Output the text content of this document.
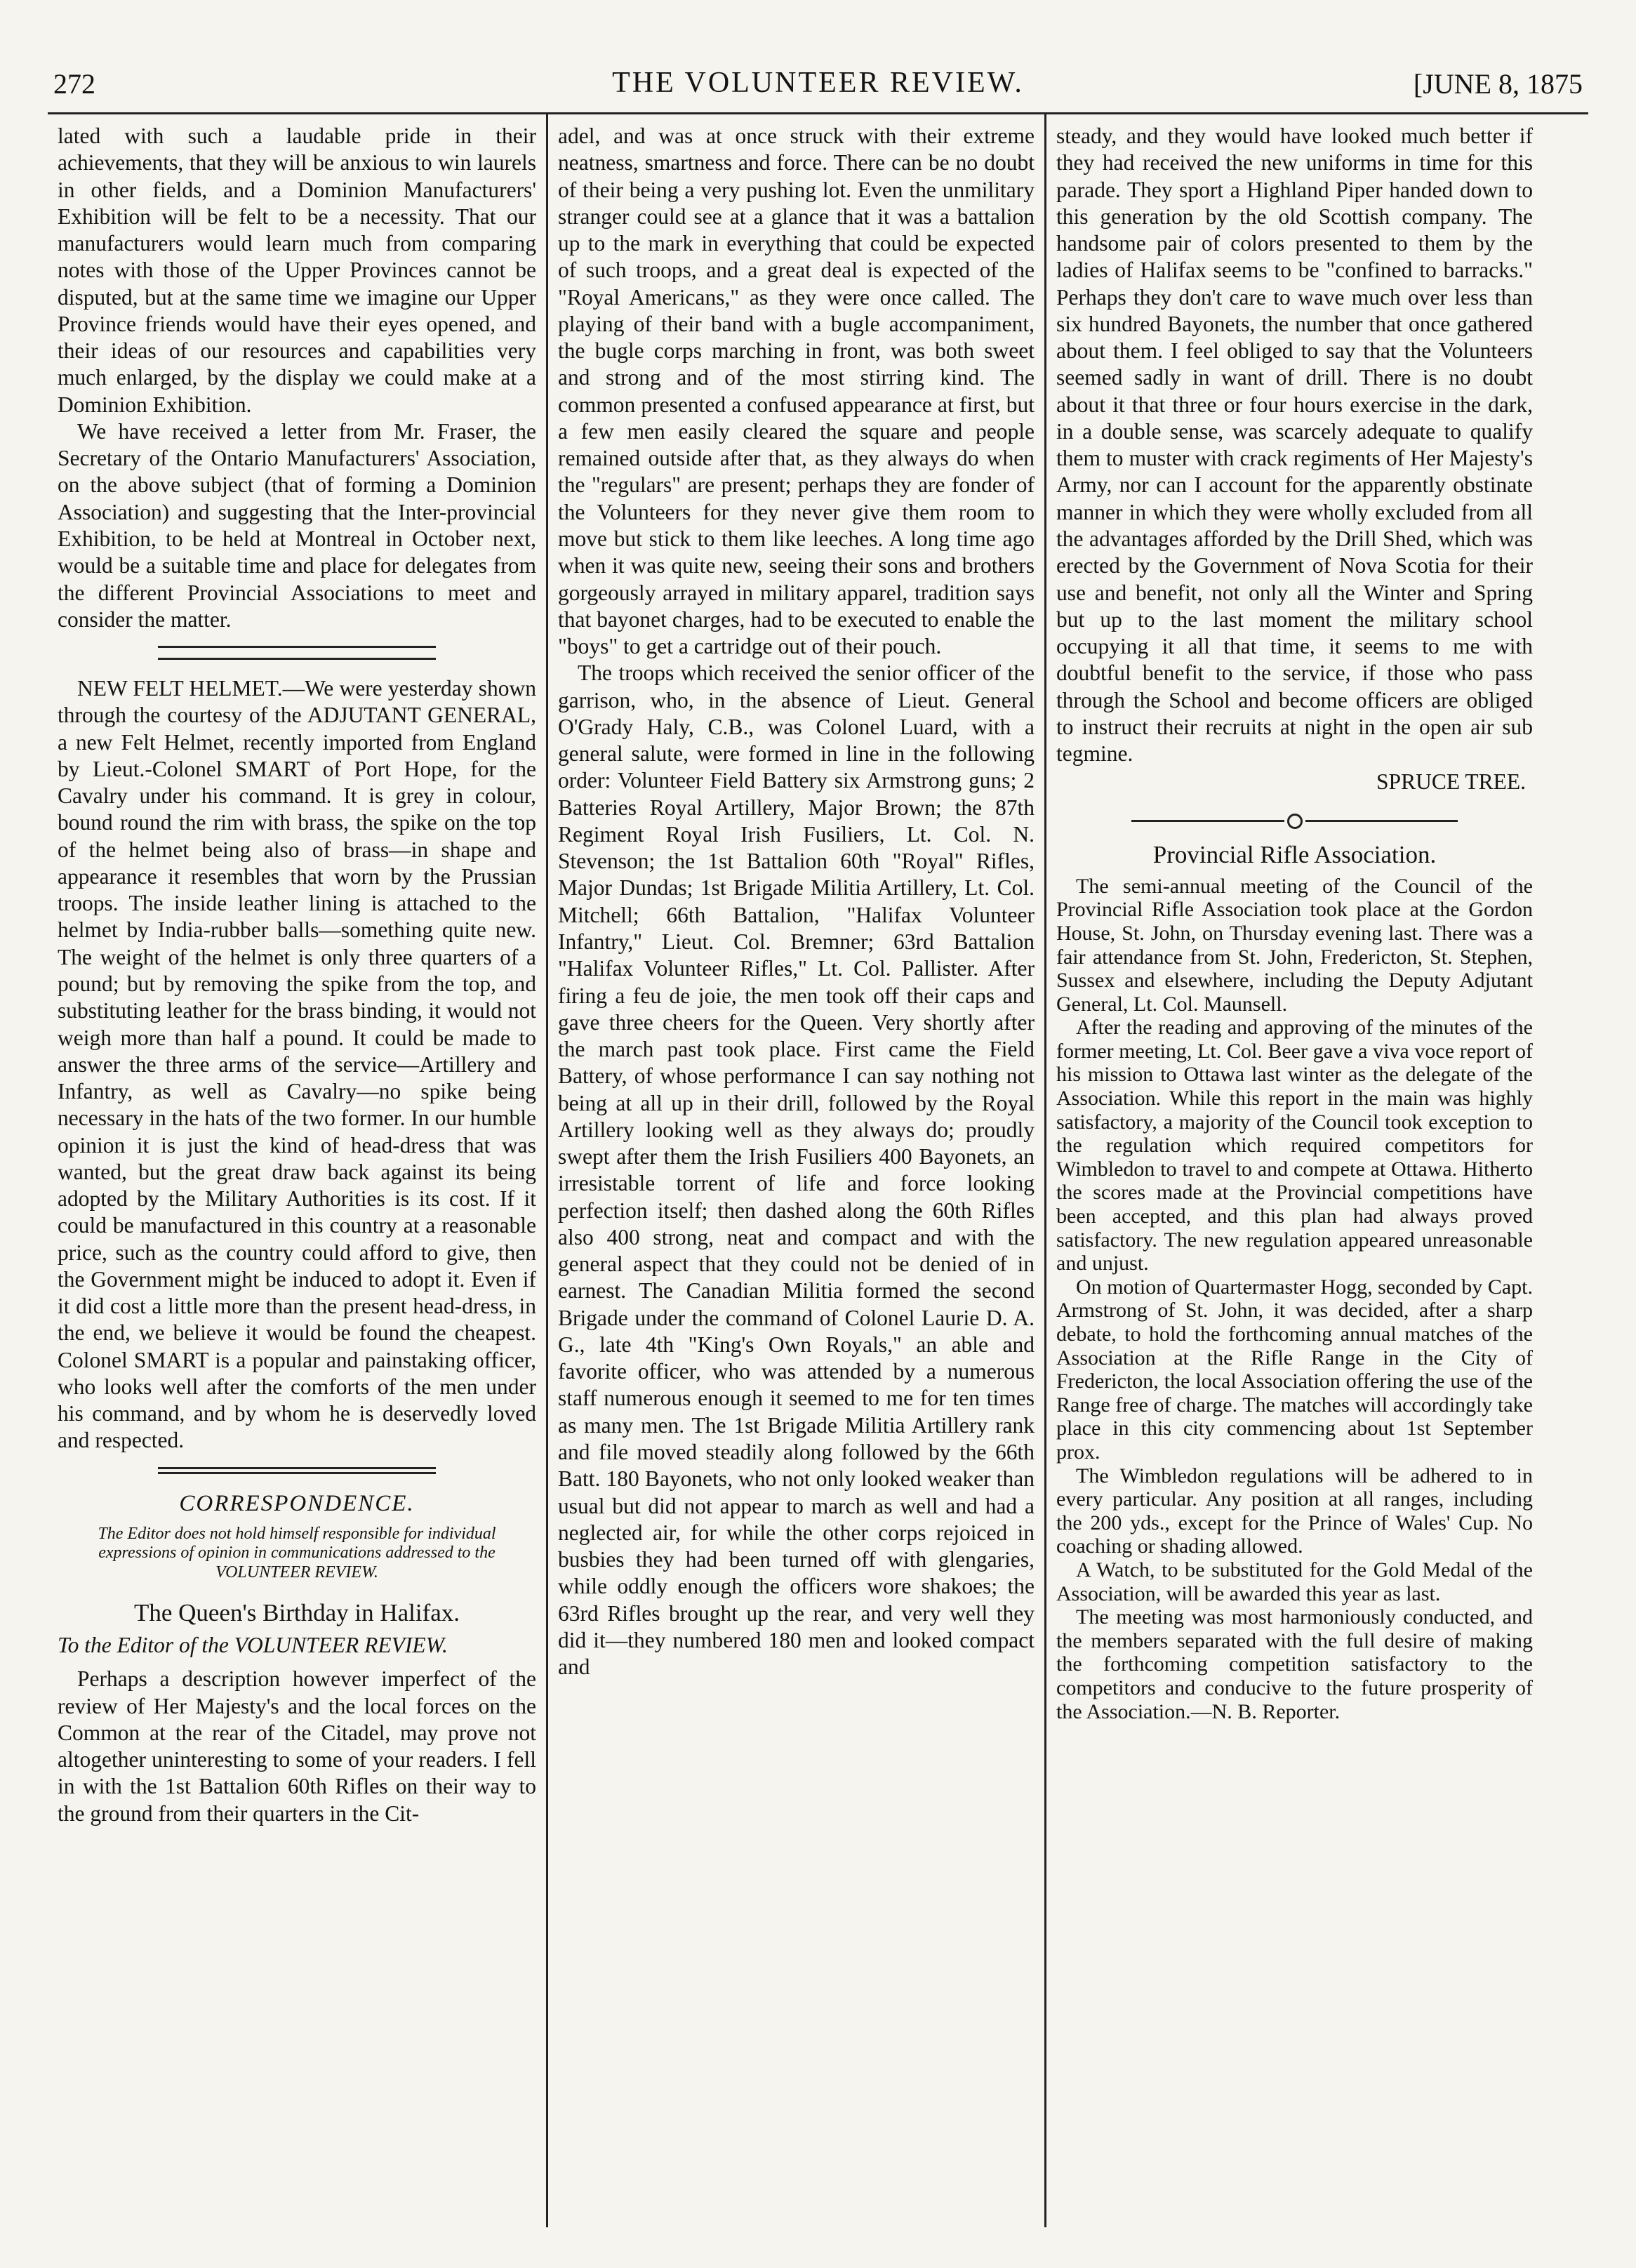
272	THE VOLUNTEER REVIEW.	[JUNE 8, 1875

lated with such a laudable pride in their achievements, that they will be anxious to win laurels in other fields, and a Dominion Manufacturers' Exhibition will be felt to be a necessity. That our manufacturers would learn much from comparing notes with those of the Upper Provinces cannot be disputed, but at the same time we imagine our Upper Province friends would have their eyes opened, and their ideas of our resources and capabilities very much enlarged, by the display we could make at a Dominion Exhibition.

We have received a letter from Mr. Fraser, the Secretary of the Ontario Manufacturers' Association, on the above subject (that of forming a Dominion Association) and suggesting that the Inter-provincial Exhibition, to be held at Montreal in October next, would be a suitable time and place for delegates from the different Provincial Associations to meet and consider the matter.

NEW FELT HELMET.—We were yesterday shown through the courtesy of the ADJUTANT GENERAL, a new Felt Helmet, recently imported from England by Lieut.-Colonel SMART of Port Hope, for the Cavalry under his command. It is grey in colour, bound round the rim with brass, the spike on the top of the helmet being also of brass—in shape and appearance it resembles that worn by the Prussian troops. The inside leather lining is attached to the helmet by India-rubber balls—something quite new. The weight of the helmet is only three quarters of a pound; but by removing the spike from the top, and substituting leather for the brass binding, it would not weigh more than half a pound. It could be made to answer the three arms of the service—Artillery and Infantry, as well as Cavalry—no spike being necessary in the hats of the two former. In our humble opinion it is just the kind of head-dress that was wanted, but the great draw back against its being adopted by the Military Authorities is its cost. If it could be manufactured in this country at a reasonable price, such as the country could afford to give, then the Government might be induced to adopt it. Even if it did cost a little more than the present head-dress, in the end, we believe it would be found the cheapest. Colonel SMART is a popular and painstaking officer, who looks well after the comforts of the men under his command, and by whom he is deservedly loved and respected.

CORRESPONDENCE.
The Editor does not hold himself responsible for individual expressions of opinion in communications addressed to the VOLUNTEER REVIEW.
The Queen's Birthday in Halifax.
To the Editor of the VOLUNTEER REVIEW.

Perhaps a description however imperfect of the review of Her Majesty's and the local forces on the Common at the rear of the Citadel, may prove not altogether uninteresting to some of your readers. I fell in with the 1st Battalion 60th Rifles on their way to the ground from their quarters in the Cit-

adel, and was at once struck with their extreme neatness, smartness and force. There can be no doubt of their being a very pushing lot. Even the unmilitary stranger could see at a glance that it was a battalion up to the mark in everything that could be expected of such troops, and a great deal is expected of the "Royal Americans," as they were once called. The playing of their band with a bugle accompaniment, the bugle corps marching in front, was both sweet and strong and of the most stirring kind. The common presented a confused appearance at first, but a few men easily cleared the square and people remained outside after that, as they always do when the "regulars" are present; perhaps they are fonder of the Volunteers for they never give them room to move but stick to them like leeches. A long time ago when it was quite new, seeing their sons and brothers gorgeously arrayed in military apparel, tradition says that bayonet charges, had to be executed to enable the "boys" to get a cartridge out of their pouch.

The troops which received the senior officer of the garrison, who, in the absence of Lieut. General O'Grady Haly, C.B., was Colonel Luard, with a general salute, were formed in line in the following order: Volunteer Field Battery six Armstrong guns; 2 Batteries Royal Artillery, Major Brown; the 87th Regiment Royal Irish Fusiliers, Lt. Col. N. Stevenson; the 1st Battalion 60th "Royal" Rifles, Major Dundas; 1st Brigade Militia Artillery, Lt. Col. Mitchell; 66th Battalion, "Halifax Volunteer Infantry," Lieut. Col. Bremner; 63rd Battalion "Halifax Volunteer Rifles," Lt. Col. Pallister. After firing a feu de joie, the men took off their caps and gave three cheers for the Queen. Very shortly after the march past took place. First came the Field Battery, of whose performance I can say nothing not being at all up in their drill, followed by the Royal Artillery looking well as they always do; proudly swept after them the Irish Fusiliers 400 Bayonets, an irresistable torrent of life and force looking perfection itself; then dashed along the 60th Rifles also 400 strong, neat and compact and with the general aspect that they could not be denied of in earnest. The Canadian Militia formed the second Brigade under the command of Colonel Laurie D. A. G., late 4th "King's Own Royals," an able and favorite officer, who was attended by a numerous staff numerous enough it seemed to me for ten times as many men. The 1st Brigade Militia Artillery rank and file moved steadily along followed by the 66th Batt. 180 Bayonets, who not only looked weaker than usual but did not appear to march as well and had a neglected air, for while the other corps rejoiced in busbies they had been turned off with glengaries, while oddly enough the officers wore shakoes; the 63rd Rifles brought up the rear, and very well they did it—they numbered 180 men and looked compact and

steady, and they would have looked much better if they had received the new uniforms in time for this parade. They sport a Highland Piper handed down to this generation by the old Scottish company. The handsome pair of colors presented to them by the ladies of Halifax seems to be "confined to barracks." Perhaps they don't care to wave much over less than six hundred Bayonets, the number that once gathered about them. I feel obliged to say that the Volunteers seemed sadly in want of drill. There is no doubt about it that three or four hours exercise in the dark, in a double sense, was scarcely adequate to qualify them to muster with crack regiments of Her Majesty's Army, nor can I account for the apparently obstinate manner in which they were wholly excluded from all the advantages afforded by the Drill Shed, which was erected by the Government of Nova Scotia for their use and benefit, not only all the Winter and Spring but up to the last moment the military school occupying it all that time, it seems to me with doubtful benefit to the service, if those who pass through the School and become officers are obliged to instruct their recruits at night in the open air sub tegmine.

SPRUCE TREE.
Provincial Rifle Association.

The semi-annual meeting of the Council of the Provincial Rifle Association took place at the Gordon House, St. John, on Thursday evening last. There was a fair attendance from St. John, Fredericton, St. Stephen, Sussex and elsewhere, including the Deputy Adjutant General, Lt. Col. Maunsell.

After the reading and approving of the minutes of the former meeting, Lt. Col. Beer gave a viva voce report of his mission to Ottawa last winter as the delegate of the Association. While this report in the main was highly satisfactory, a majority of the Council took exception to the regulation which required competitors for Wimbledon to travel to and compete at Ottawa. Hitherto the scores made at the Provincial competitions have been accepted, and this plan had always proved satisfactory. The new regulation appeared unreasonable and unjust.

On motion of Quartermaster Hogg, seconded by Capt. Armstrong of St. John, it was decided, after a sharp debate, to hold the forthcoming annual matches of the Association at the Rifle Range in the City of Fredericton, the local Association offering the use of the Range free of charge. The matches will accordingly take place in this city commencing about 1st September prox.

The Wimbledon regulations will be adhered to in every particular. Any position at all ranges, including the 200 yds., except for the Prince of Wales' Cup. No coaching or shading allowed.

A Watch, to be substituted for the Gold Medal of the Association, will be awarded this year as last.

The meeting was most harmoniously conducted, and the members separated with the full desire of making the forthcoming competition satisfactory to the competitors and conducive to the future prosperity of the Association.—N. B. Reporter.
